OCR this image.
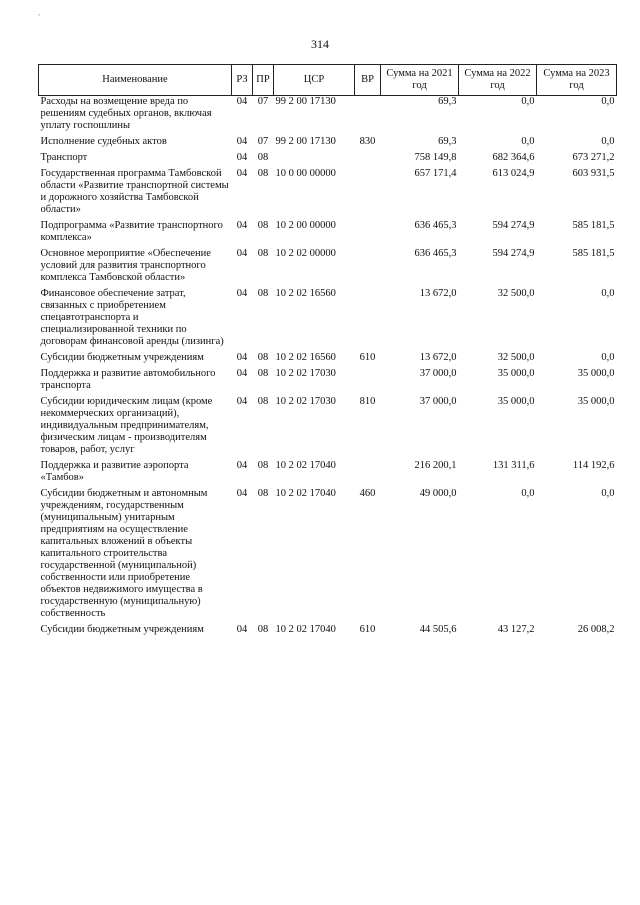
,
314
Наименование	РЗ	ПР	ЦСР	ВР	Сумма на 2021 год	Сумма на 2022 год	Сумма на 2023 год
Расходы на возмещение вреда по решениям судебных органов, включая уплату госпошлины	04	07	99 2 00 17130		69,3	0,0	0,0
Исполнение судебных актов	04	07	99 2 00 17130	830	69,3	0,0	0,0
Транспорт	04	08			758 149,8	682 364,6	673 271,2
Государственная программа Тамбовской области «Развитие транспортной системы и дорожного хозяйства Тамбовской области»	04	08	10 0 00 00000		657 171,4	613 024,9	603 931,5
Подпрограмма «Развитие транспортного комплекса»	04	08	10 2 00 00000		636 465,3	594 274,9	585 181,5
Основное мероприятие «Обеспечение условий для развития транспортного комплекса Тамбовской области»	04	08	10 2 02 00000		636 465,3	594 274,9	585 181,5
Финансовое обеспечение затрат, связанных с приобретением спецавтотранспорта и специализированной техники по договорам финансовой аренды (лизинга)	04	08	10 2 02 16560		13 672,0	32 500,0	0,0
Субсидии бюджетным учреждениям	04	08	10 2 02 16560	610	13 672,0	32 500,0	0,0
Поддержка и развитие автомобильного транспорта	04	08	10 2 02 17030		37 000,0	35 000,0	35 000,0
Субсидии юридическим лицам (кроме некоммерческих организаций), индивидуальным предпринимателям, физическим лицам - производителям товаров, работ, услуг	04	08	10 2 02 17030	810	37 000,0	35 000,0	35 000,0
Поддержка и развитие аэропорта «Тамбов»	04	08	10 2 02 17040		216 200,1	131 311,6	114 192,6
Субсидии бюджетным и автономным учреждениям, государственным (муниципальным) унитарным предприятиям на осуществление капитальных вложений в объекты капитального строительства государственной (муниципальной) собственности или приобретение объектов недвижимого имущества в государственную (муниципальную) собственность	04	08	10 2 02 17040	460	49 000,0	0,0	0,0
Субсидии бюджетным учреждениям	04	08	10 2 02 17040	610	44 505,6	43 127,2	26 008,2
